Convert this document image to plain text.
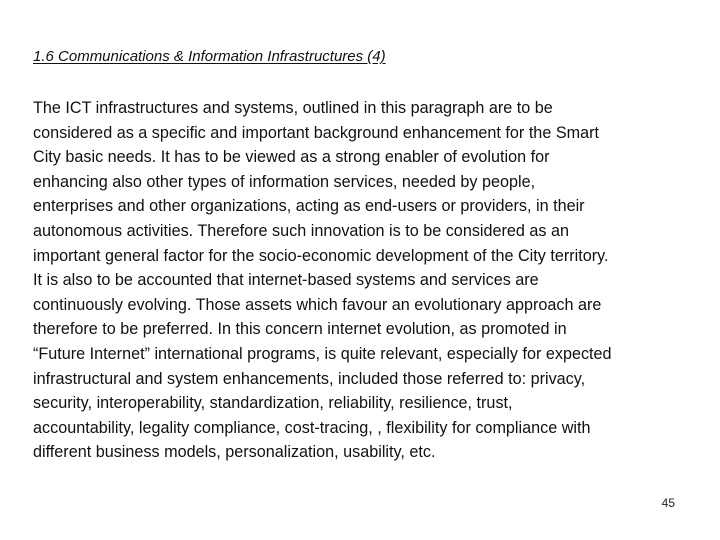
1.6 Communications & Information Infrastructures (4)

The ICT infrastructures and systems, outlined in this paragraph are to be
considered as a specific and important background enhancement for the Smart
City basic needs. It has to be viewed as a strong enabler of evolution for
enhancing also other types of information services, needed by people,
enterprises and other organizations, acting as end-users or providers, in their
autonomous activities. Therefore such innovation is to be considered as an
important general factor for the socio-economic development of the City territory.
It is also to be accounted that internet-based systems and services are
continuously evolving. Those assets which favour an evolutionary approach are
therefore to be preferred. In this concern internet evolution, as promoted in
“Future Internet” international programs, is quite relevant, especially for expected
infrastructural and system enhancements, included those referred to: privacy,
security, interoperability, standardization, reliability, resilience, trust,
accountability, legality compliance, cost-tracing, , flexibility for compliance with
different business models, personalization, usability, etc.

45
